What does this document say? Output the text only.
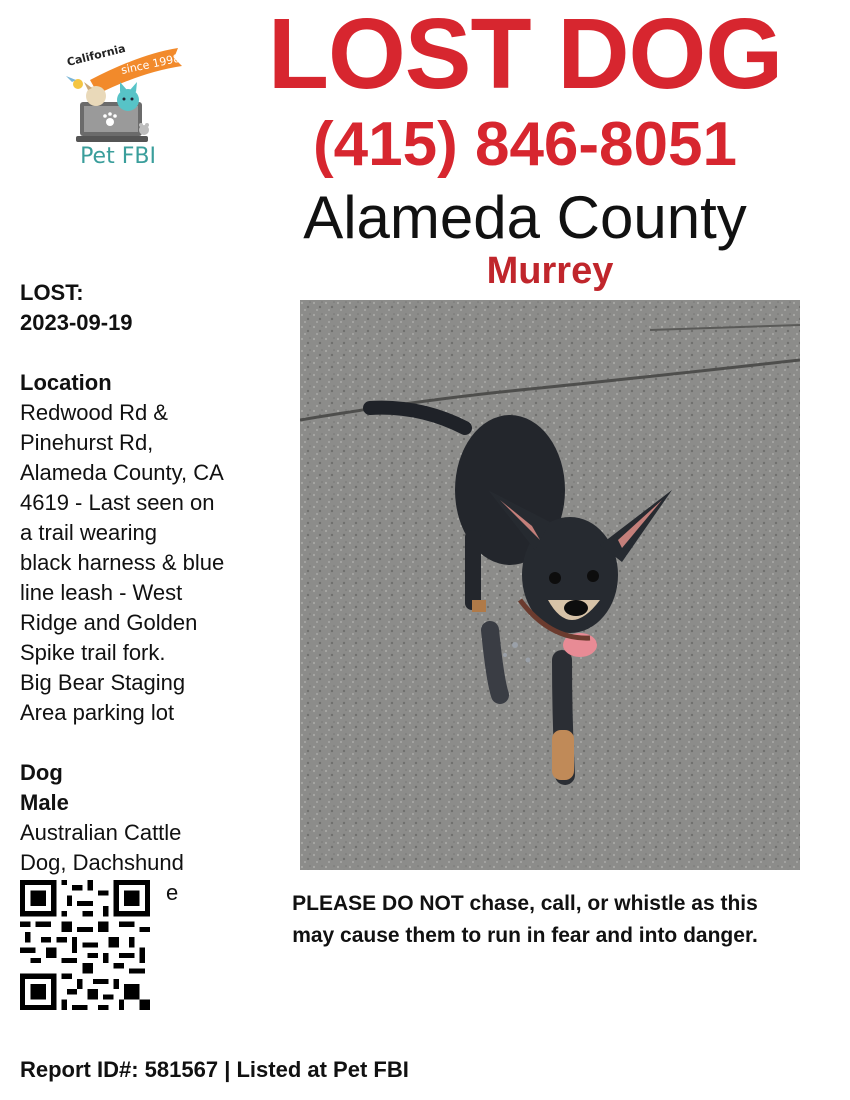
since 1998
California
Pet FBI
LOST DOG
(415) 846-8051
Alameda County
Murrey
LOST:
2023-09-19
Location
Redwood Rd &
Pinehurst Rd,
Alameda County, CA
4619 - Last seen on
a trail wearing
black harness & blue
line leash - West
Ridge and Golden
Spike trail fork.
Big Bear Staging
Area parking lot
Dog
Male
Australian Cattle
Dog, Dachshund
e	PLEASE DO NOT chase, call, or whistle as this
may cause them to run in fear and into danger.
Report ID#: 581567 | Listed at Pet FBI
